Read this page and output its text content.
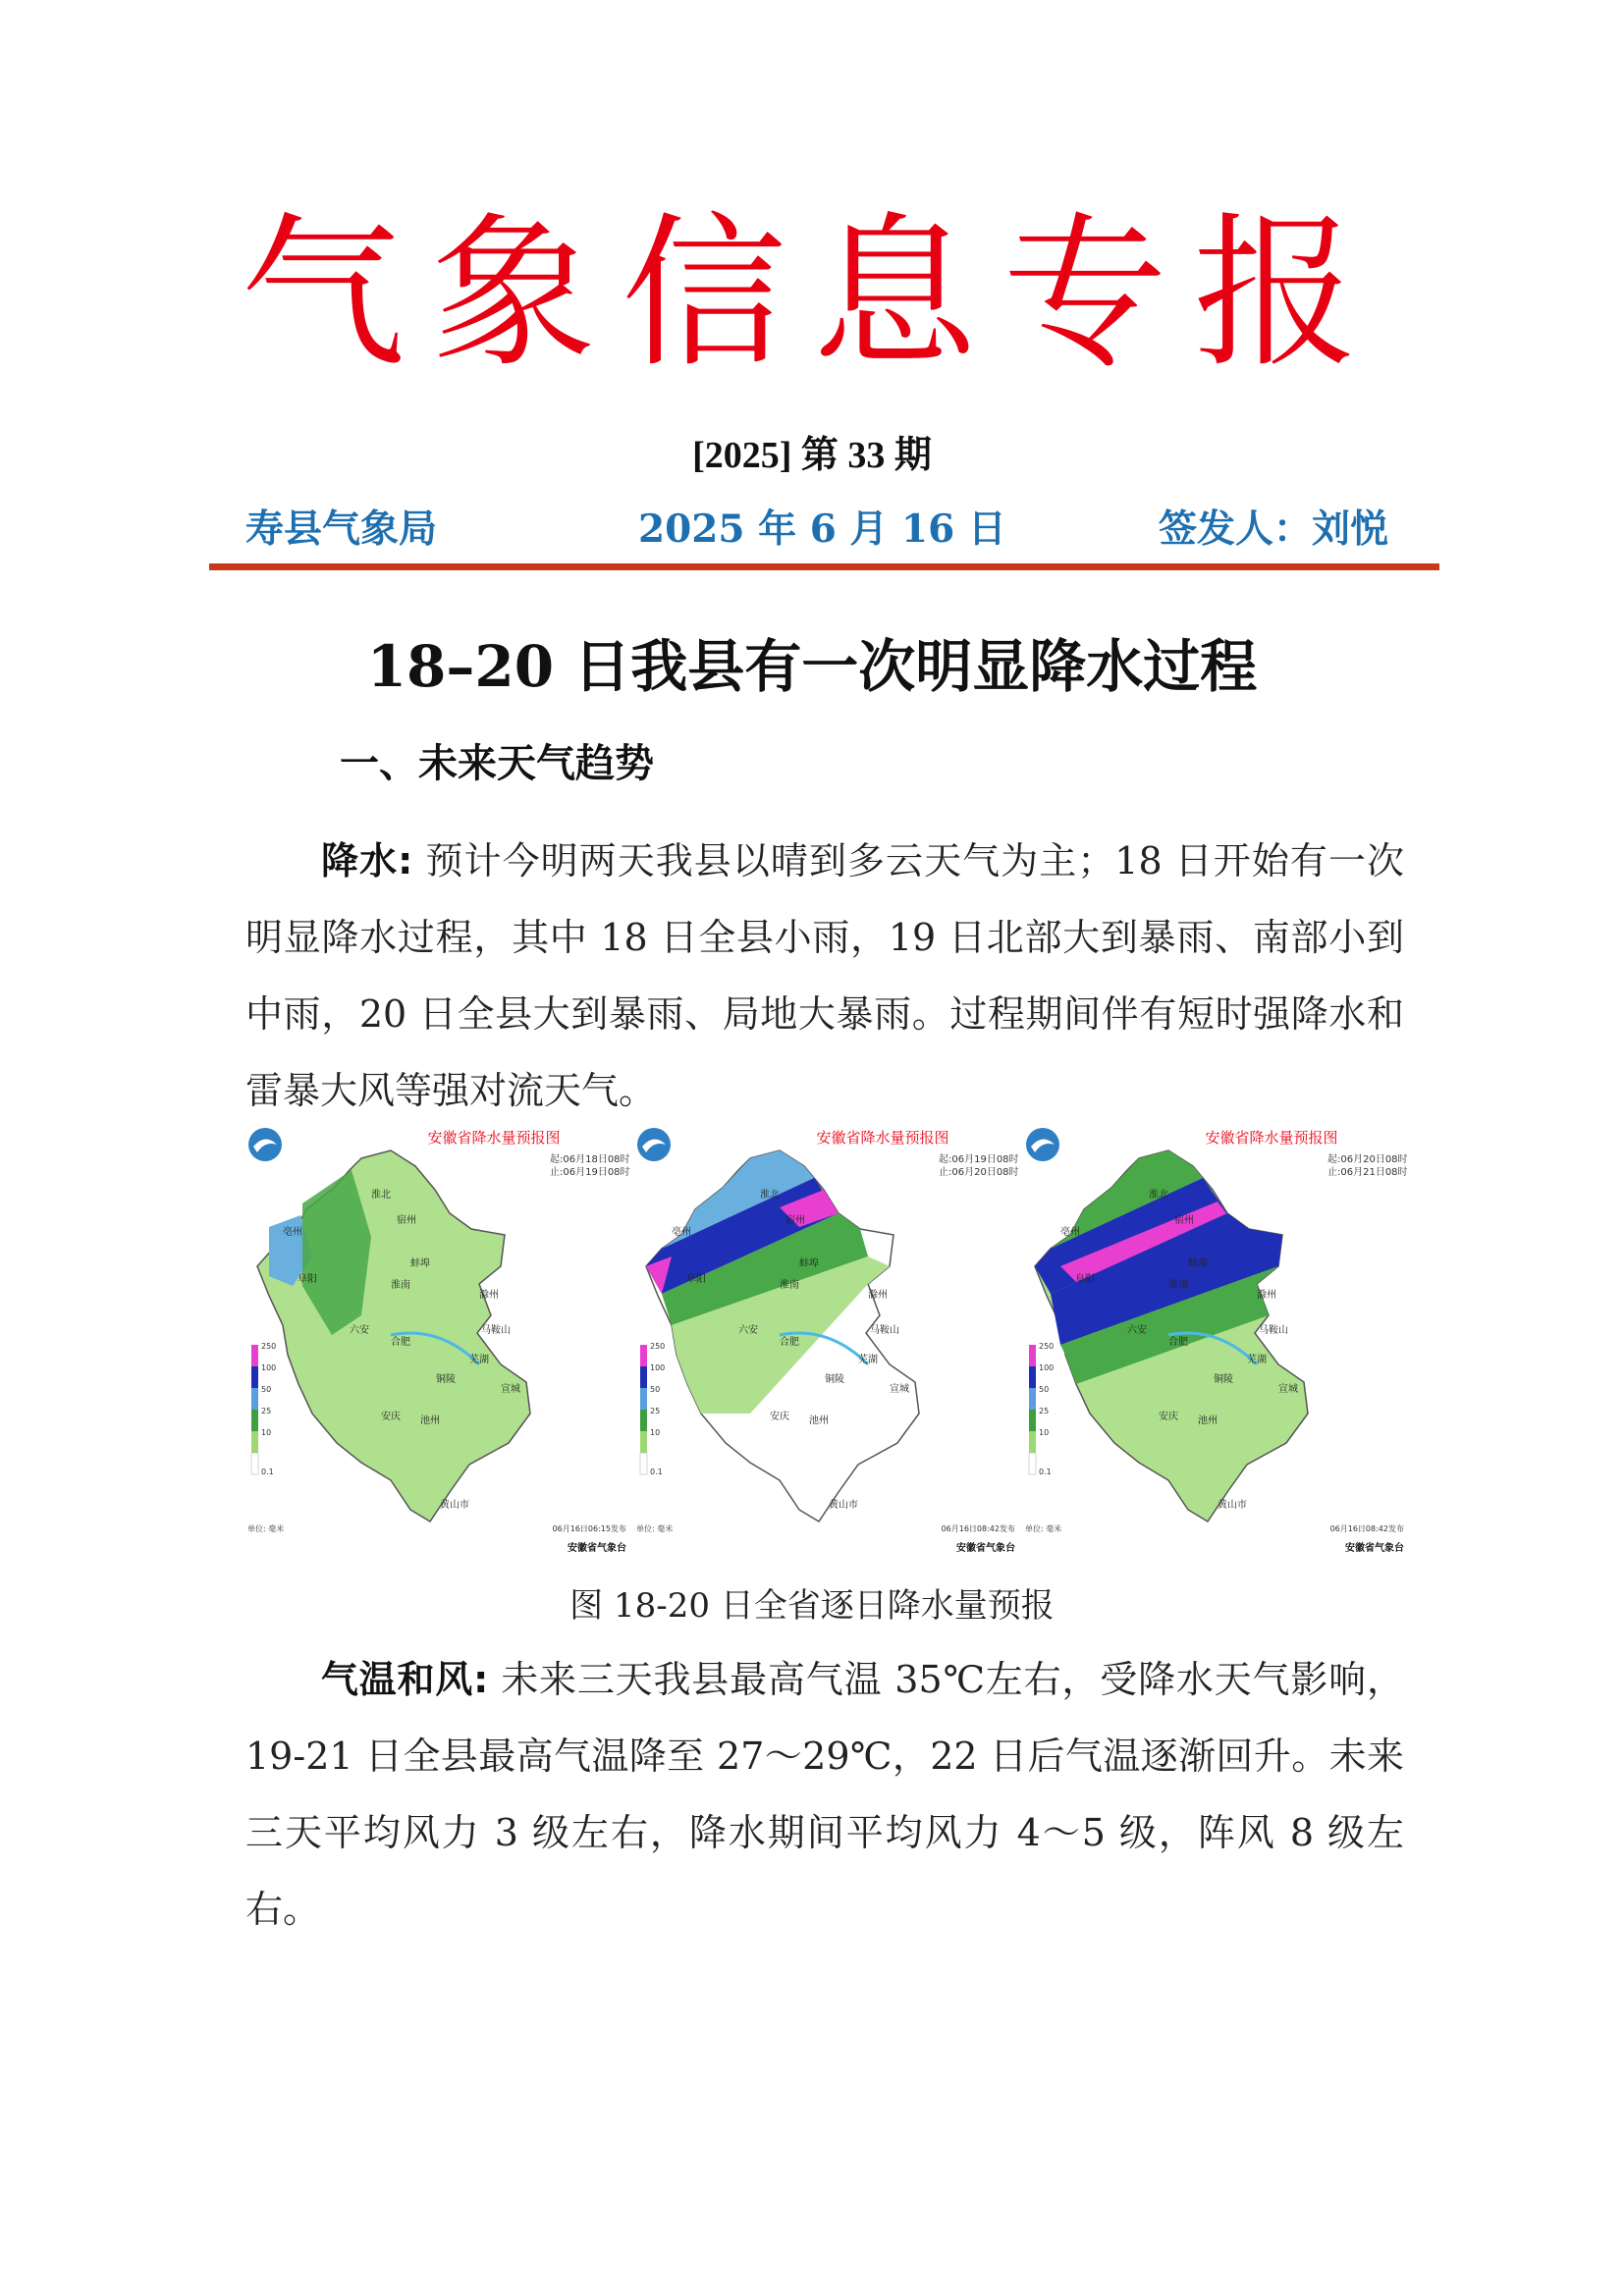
气象信息专报
[2025] 第 33 期
寿县气象局	2025 年 6 月 16 日	签发人：刘悦
18–20 日我县有一次明显降水过程
一、未来天气趋势
降水: 预计今明两天我县以晴到多云天气为主；18 日开始有一次明显降水过程，其中 18 日全县小雨，19 日北部大到暴雨、南部小到中雨，20 日全县大到暴雨、局地大暴雨。过程期间伴有短时强降水和雷暴大风等强对流天气。
安徽省降水量预报图
起:06月18日08时
止:06月19日08时
淮北
亳州
宿州
蚌埠
阜阳
淮南
滁州
六安
合肥
马鞍山
芜湖
铜陵
宣城
安庆 池州
黄山市
250
100
50
25
10
0.1
单位: 毫米	06月16日06:15发布
安徽省气象台
安徽省降水量预报图
起:06月19日08时
止:06月20日08时
淮北
亳州
宿州
蚌埠
阜阳
淮南
滁州
六安
合肥
马鞍山
芜湖
铜陵
宣城
安庆 池州
黄山市
250
100
50
25
10
0.1
单位: 毫米	06月16日08:42发布
安徽省气象台
安徽省降水量预报图
起:06月20日08时
止:06月21日08时
淮北
亳州
宿州
蚌埠
阜阳
淮南
滁州
六安
合肥
马鞍山
芜湖
铜陵
宣城
安庆 池州
黄山市
250
100
50
25
10
0.1
单位: 毫米	06月16日08:42发布
安徽省气象台
图 18-20 日全省逐日降水量预报
气温和风: 未来三天我县最高气温 35℃左右，受降水天气影响，19-21 日全县最高气温降至 27～29℃，22 日后气温逐渐回升。未来三天平均风力 3 级左右，降水期间平均风力 4～5 级，阵风 8 级左右。
